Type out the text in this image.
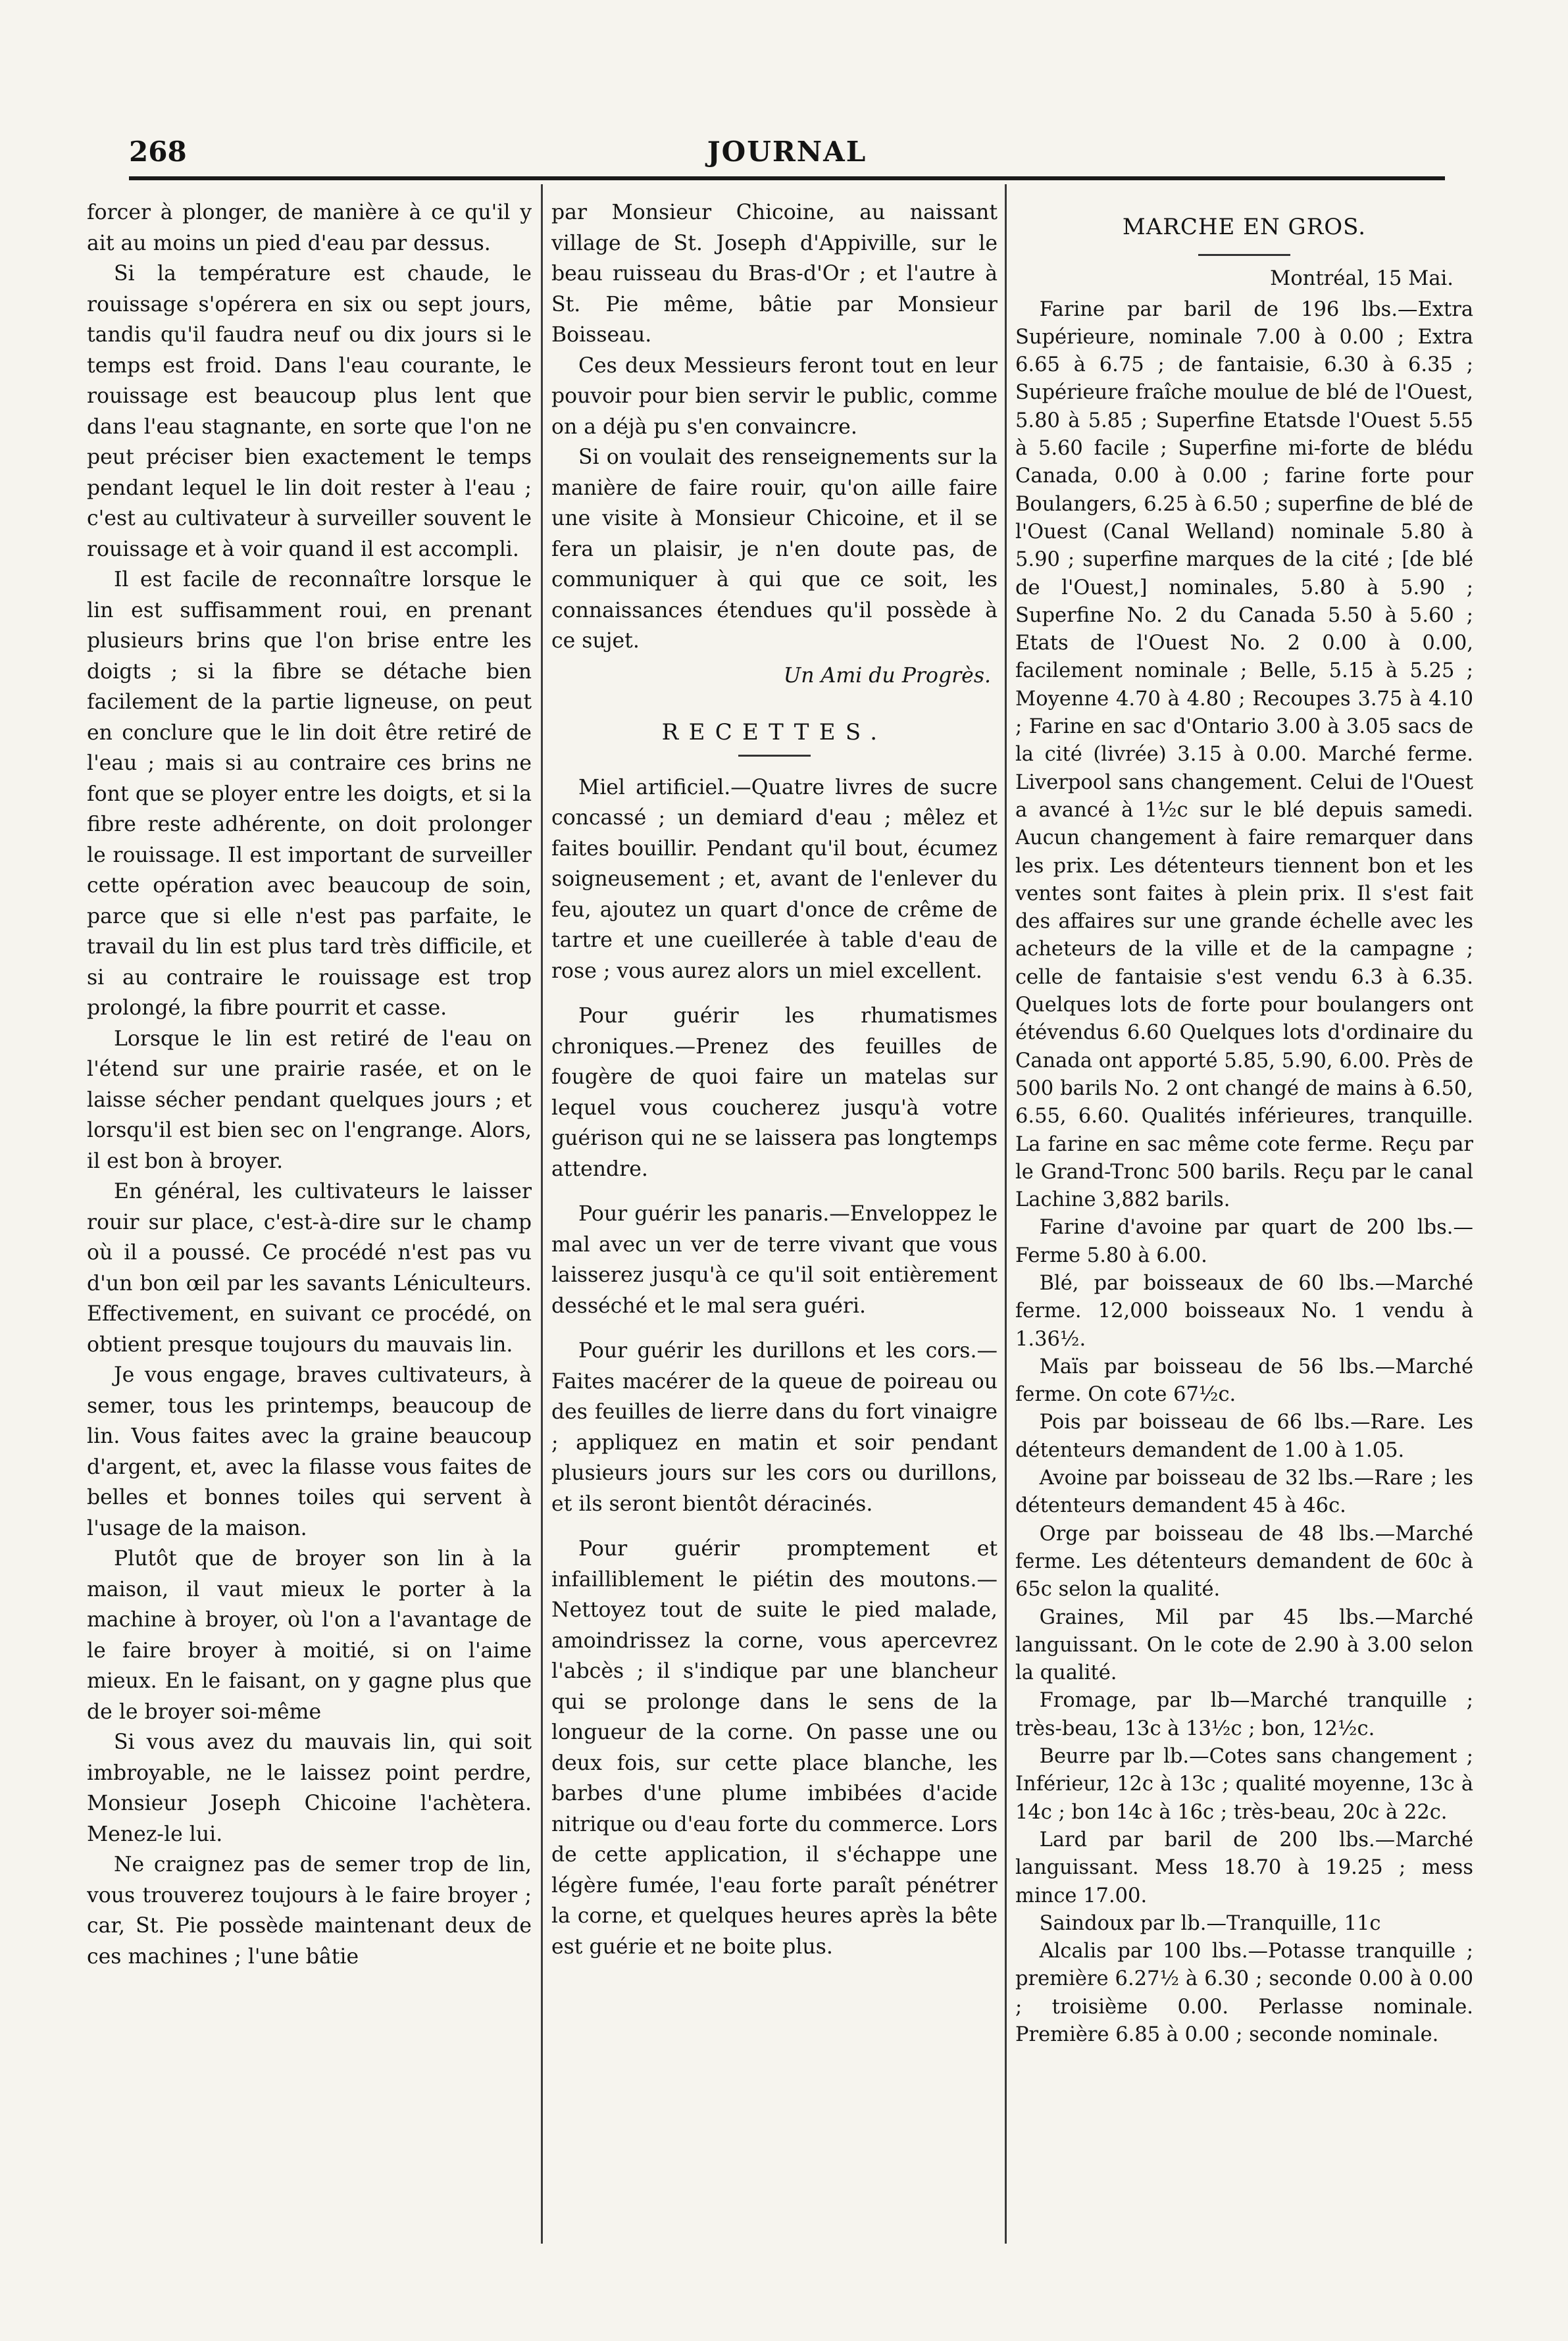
268	JOURNAL

forcer à plonger, de manière à ce qu'il y ait au moins un pied d'eau par dessus.

Si la température est chaude, le rouissage s'opérera en six ou sept jours, tandis qu'il faudra neuf ou dix jours si le temps est froid. Dans l'eau courante, le rouissage est beaucoup plus lent que dans l'eau stagnante, en sorte que l'on ne peut préciser bien exactement le temps pendant lequel le lin doit rester à l'eau ; c'est au cultivateur à surveiller souvent le rouissage et à voir quand il est accompli.

Il est facile de reconnaître lorsque le lin est suffisamment roui, en prenant plusieurs brins que l'on brise entre les doigts ; si la fibre se détache bien facilement de la partie ligneuse, on peut en conclure que le lin doit être retiré de l'eau ; mais si au contraire ces brins ne font que se ployer entre les doigts, et si la fibre reste adhérente, on doit prolonger le rouissage. Il est important de surveiller cette opération avec beaucoup de soin, parce que si elle n'est pas parfaite, le travail du lin est plus tard très difficile, et si au contraire le rouissage est trop prolongé, la fibre pourrit et casse.

Lorsque le lin est retiré de l'eau on l'étend sur une prairie rasée, et on le laisse sécher pendant quelques jours ; et lorsqu'il est bien sec on l'engrange. Alors, il est bon à broyer.

En général, les cultivateurs le laisser rouir sur place, c'est-à-dire sur le champ où il a poussé. Ce procédé n'est pas vu d'un bon œil par les savants Léniculteurs. Effectivement, en suivant ce procédé, on obtient presque toujours du mauvais lin.

Je vous engage, braves cultivateurs, à semer, tous les printemps, beaucoup de lin. Vous faites avec la graine beaucoup d'argent, et, avec la filasse vous faites de belles et bonnes toiles qui servent à l'usage de la maison.

Plutôt que de broyer son lin à la maison, il vaut mieux le porter à la machine à broyer, où l'on a l'avantage de le faire broyer à moitié, si on l'aime mieux. En le faisant, on y gagne plus que de le broyer soi-même

Si vous avez du mauvais lin, qui soit imbroyable, ne le laissez point perdre, Monsieur Joseph Chicoine l'achètera. Menez-le lui.

Ne craignez pas de semer trop de lin, vous trouverez toujours à le faire broyer ; car, St. Pie possède maintenant deux de ces machines ; l'une bâtie

par Monsieur Chicoine, au naissant village de St. Joseph d'Appiville, sur le beau ruisseau du Bras-d'Or ; et l'autre à St. Pie même, bâtie par Monsieur Boisseau.

Ces deux Messieurs feront tout en leur pouvoir pour bien servir le public, comme on a déjà pu s'en convaincre.

Si on voulait des renseignements sur la manière de faire rouir, qu'on aille faire une visite à Monsieur Chicoine, et il se fera un plaisir, je n'en doute pas, de communiquer à qui que ce soit, les connaissances étendues qu'il possède à ce sujet.

Un Ami du Progrès.
RECETTES.

Miel artificiel.—Quatre livres de sucre concassé ; un demiard d'eau ; mêlez et faites bouillir. Pendant qu'il bout, écumez soigneusement ; et, avant de l'enlever du feu, ajoutez un quart d'once de crême de tartre et une cueillerée à table d'eau de rose ; vous aurez alors un miel excellent.

Pour guérir les rhumatismes chroniques.—Prenez des feuilles de fougère de quoi faire un matelas sur lequel vous coucherez jusqu'à votre guérison qui ne se laissera pas longtemps attendre.

Pour guérir les panaris.—Enveloppez le mal avec un ver de terre vivant que vous laisserez jusqu'à ce qu'il soit entièrement desséché et le mal sera guéri.

Pour guérir les durillons et les cors.—Faites macérer de la queue de poireau ou des feuilles de lierre dans du fort vinaigre ; appliquez en matin et soir pendant plusieurs jours sur les cors ou durillons, et ils seront bientôt déracinés.

Pour guérir promptement et infailliblement le piétin des moutons.—Nettoyez tout de suite le pied malade, amoindrissez la corne, vous apercevrez l'abcès ; il s'indique par une blancheur qui se prolonge dans le sens de la longueur de la corne. On passe une ou deux fois, sur cette place blanche, les barbes d'une plume imbibées d'acide nitrique ou d'eau forte du commerce. Lors de cette application, il s'échappe une légère fumée, l'eau forte paraît pénétrer la corne, et quelques heures après la bête est guérie et ne boite plus.

MARCHE EN GROS.
Montréal, 15 Mai.

Farine par baril de 196 lbs.—Extra Supérieure, nominale 7.00 à 0.00 ; Extra 6.65 à 6.75 ; de fantaisie, 6.30 à 6.35 ; Supérieure fraîche moulue de blé de l'Ouest, 5.80 à 5.85 ; Superfine Etatsde l'Ouest 5.55 à 5.60 facile ; Superfine mi-forte de blédu Canada, 0.00 à 0.00 ; farine forte pour Boulangers, 6.25 à 6.50 ; superfine de blé de l'Ouest (Canal Welland) nominale 5.80 à 5.90 ; superfine marques de la cité ; [de blé de l'Ouest,] nominales, 5.80 à 5.90 ; Superfine No. 2 du Canada 5.50 à 5.60 ; Etats de l'Ouest No. 2 0.00 à 0.00, facilement nominale ; Belle, 5.15 à 5.25 ; Moyenne 4.70 à 4.80 ; Recoupes 3.75 à 4.10 ; Farine en sac d'Ontario 3.00 à 3.05 sacs de la cité (livrée) 3.15 à 0.00. Marché ferme. Liverpool sans changement. Celui de l'Ouest a avancé à 1½c sur le blé depuis samedi. Aucun changement à faire remarquer dans les prix. Les détenteurs tiennent bon et les ventes sont faites à plein prix. Il s'est fait des affaires sur une grande échelle avec les acheteurs de la ville et de la campagne ; celle de fantaisie s'est vendu 6.3 à 6.35. Quelques lots de forte pour boulangers ont étévendus 6.60 Quelques lots d'ordinaire du Canada ont apporté 5.85, 5.90, 6.00. Près de 500 barils No. 2 ont changé de mains à 6.50, 6.55, 6.60. Qualités inférieures, tranquille. La farine en sac même cote ferme. Reçu par le Grand-Tronc 500 barils. Reçu par le canal Lachine 3,882 barils.

Farine d'avoine par quart de 200 lbs.—Ferme 5.80 à 6.00.

Blé, par boisseaux de 60 lbs.—Marché ferme. 12,000 boisseaux No. 1 vendu à 1.36½.

Maïs par boisseau de 56 lbs.—Marché ferme. On cote 67½c.

Pois par boisseau de 66 lbs.—Rare. Les détenteurs demandent de 1.00 à 1.05.

Avoine par boisseau de 32 lbs.—Rare ; les détenteurs demandent 45 à 46c.

Orge par boisseau de 48 lbs.—Marché ferme. Les détenteurs demandent de 60c à 65c selon la qualité.

Graines, Mil par 45 lbs.—Marché languissant. On le cote de 2.90 à 3.00 selon la qualité.

Fromage, par lb—Marché tranquille ; très-beau, 13c à 13½c ; bon, 12½c.

Beurre par lb.—Cotes sans changement ; Inférieur, 12c à 13c ; qualité moyenne, 13c à 14c ; bon 14c à 16c ; très-beau, 20c à 22c.

Lard par baril de 200 lbs.—Marché languissant. Mess 18.70 à 19.25 ; mess mince 17.00.

Saindoux par lb.—Tranquille, 11c

Alcalis par 100 lbs.—Potasse tranquille ; première 6.27½ à 6.30 ; seconde 0.00 à 0.00 ; troisième 0.00. Perlasse nominale. Première 6.85 à 0.00 ; seconde nominale.
